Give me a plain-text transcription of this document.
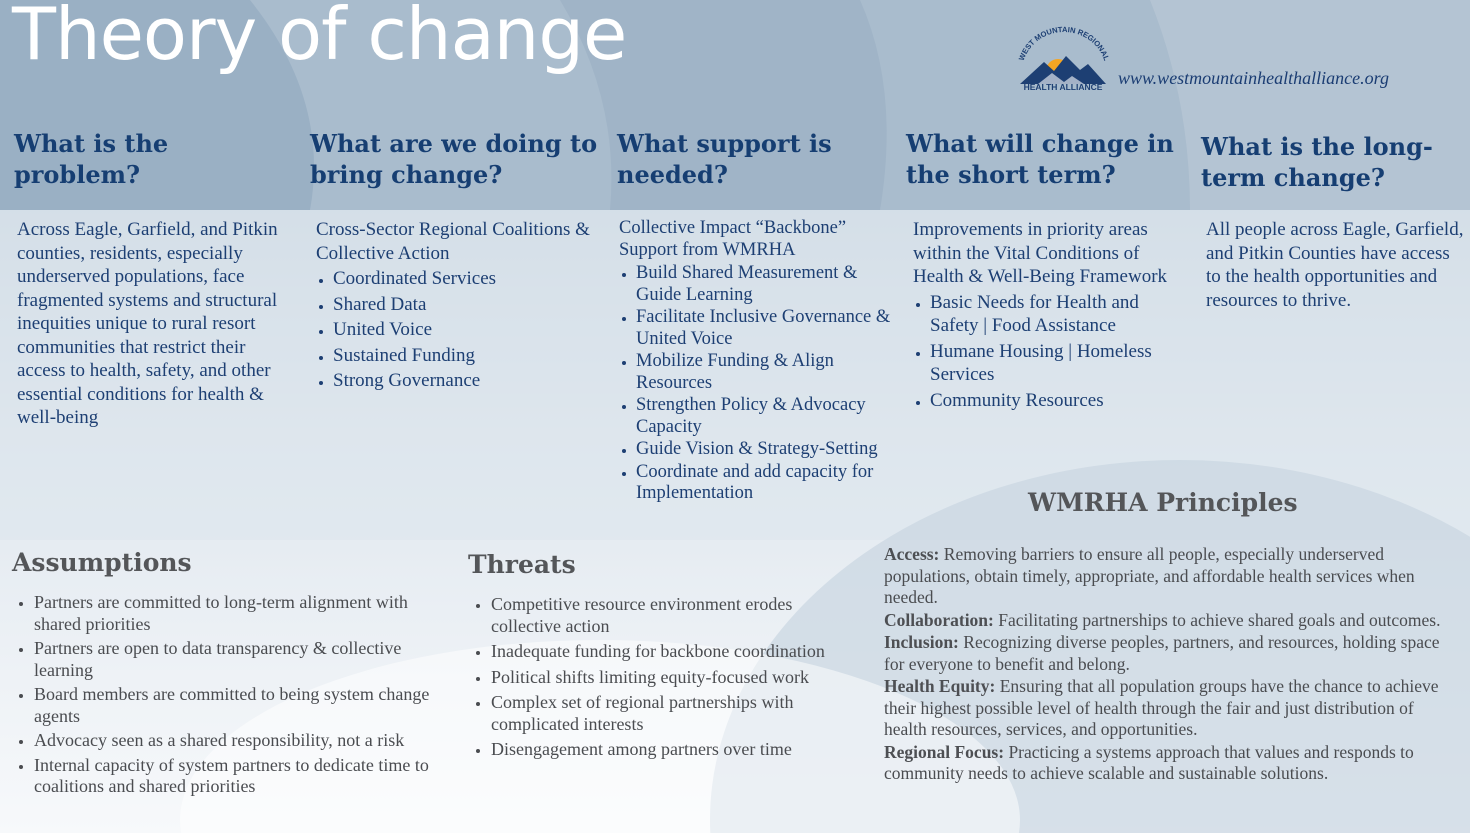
Theory of change	WEST MOUNTAIN REGIONAL
HEALTH ALLIANCE www.westmountainhealthalliance.org
What is the problem?
Across Eagle, Garfield, and Pitkin counties, residents, especially underserved populations, face fragmented systems and structural inequities unique to rural resort communities that restrict their access to health, safety, and other essential conditions for health & well-being
What are we doing to bring change?
Cross-Sector Regional Coalitions & Collective Action
• Coordinated Services
• Shared Data
• United Voice
• Sustained Funding
• Strong Governance
What support is needed?
Collective Impact “Backbone” Support from WMRHA
• Build Shared Measurement & Guide Learning
• Facilitate Inclusive Governance & United Voice
• Mobilize Funding & Align Resources
• Strengthen Policy & Advocacy Capacity
• Guide Vision & Strategy-Setting
• Coordinate and add capacity for Implementation
What will change in the short term?
Improvements in priority areas within the Vital Conditions of Health & Well-Being Framework
• Basic Needs for Health and Safety | Food Assistance
• Humane Housing | Homeless Services
• Community Resources
What is the long-term change?
All people across Eagle, Garfield, and Pitkin Counties have access to the health opportunities and resources to thrive.
Assumptions
• Partners are committed to long-term alignment with shared priorities
• Partners are open to data transparency & collective learning
• Board members are committed to being system change agents
• Advocacy seen as a shared responsibility, not a risk
• Internal capacity of system partners to dedicate time to coalitions and shared priorities
Threats
• Competitive resource environment erodes collective action
• Inadequate funding for backbone coordination
• Political shifts limiting equity-focused work
• Complex set of regional partnerships with complicated interests
• Disengagement among partners over time
WMRHA Principles

Access: Removing barriers to ensure all people, especially underserved populations, obtain timely, appropriate, and affordable health services when needed.

Collaboration: Facilitating partnerships to achieve shared goals and outcomes.

Inclusion: Recognizing diverse peoples, partners, and resources, holding space for everyone to benefit and belong.

Health Equity: Ensuring that all population groups have the chance to achieve their highest possible level of health through the fair and just distribution of health resources, services, and opportunities.

Regional Focus: Practicing a systems approach that values and responds to community needs to achieve scalable and sustainable solutions.
